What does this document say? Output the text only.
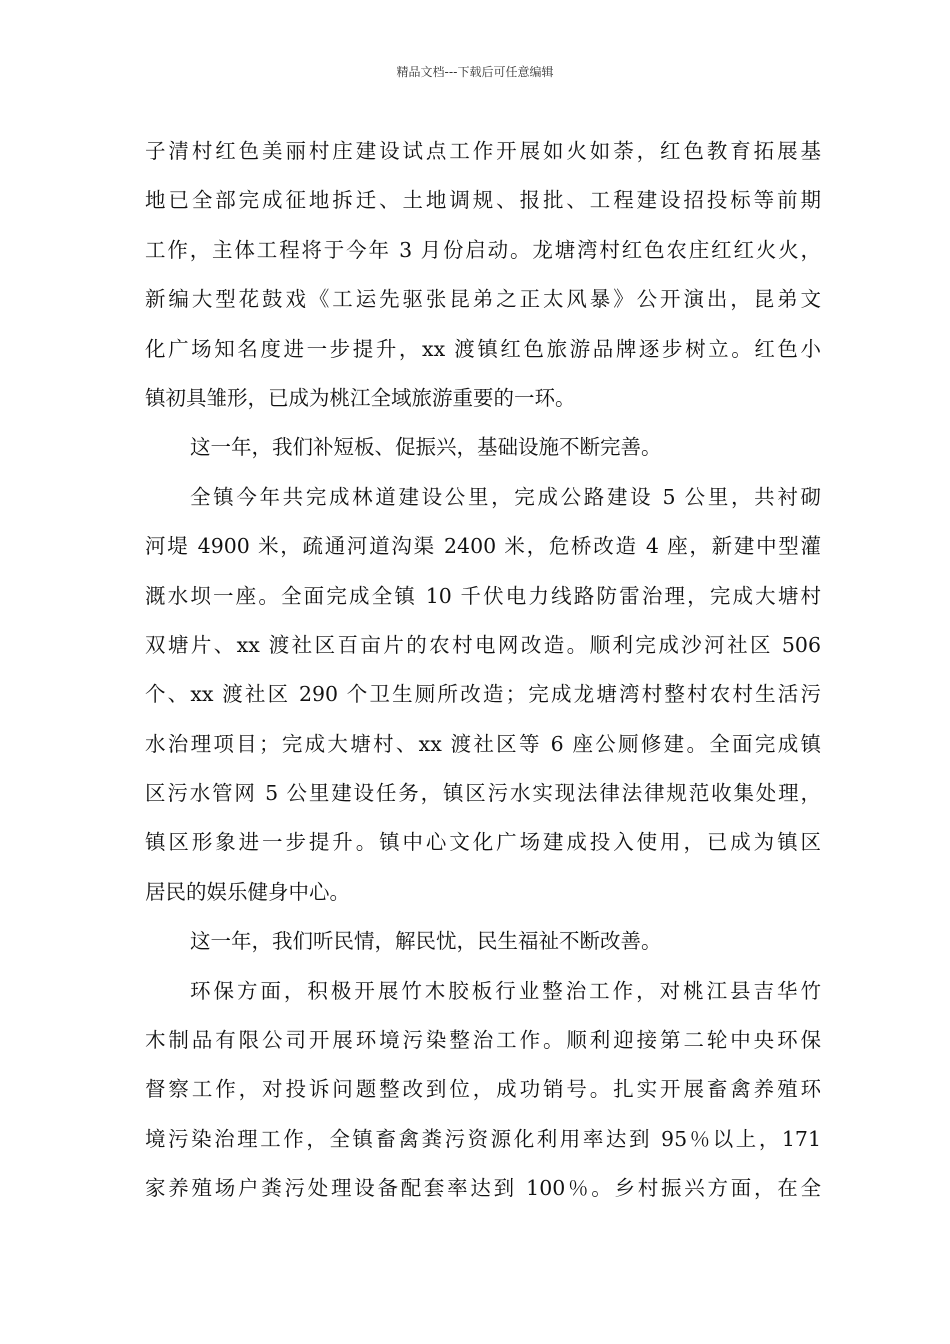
精品文档---下载后可任意编辑
子清村红色美丽村庄建设试点工作开展如火如荼，红色教育拓展基
地已全部完成征地拆迁、土地调规、报批、工程建设招投标等前期
工作，主体工程将于今年 3 月份启动。龙塘湾村红色农庄红红火火，
新编大型花鼓戏《工运先驱张昆弟之正太风暴》公开演出，昆弟文
化广场知名度进一步提升，xx 渡镇红色旅游品牌逐步树立。红色小
镇初具雏形，已成为桃江全域旅游重要的一环。
这一年，我们补短板、促振兴，基础设施不断完善。
全镇今年共完成林道建设公里，完成公路建设 5 公里，共衬砌
河堤 4900 米，疏通河道沟渠 2400 米，危桥改造 4 座，新建中型灌
溉水坝一座。全面完成全镇 10 千伏电力线路防雷治理，完成大塘村
双塘片、xx 渡社区百亩片的农村电网改造。顺利完成沙河社区 506
个、xx 渡社区 290 个卫生厕所改造；完成龙塘湾村整村农村生活污
水治理项目；完成大塘村、xx 渡社区等 6 座公厕修建。全面完成镇
区污水管网 5 公里建设任务，镇区污水实现法律法律规范收集处理，
镇区形象进一步提升。镇中心文化广场建成投入使用，已成为镇区
居民的娱乐健身中心。
这一年，我们听民情，解民忧，民生福祉不断改善。
环保方面，积极开展竹木胶板行业整治工作，对桃江县吉华竹
木制品有限公司开展环境污染整治工作。顺利迎接第二轮中央环保
督察工作，对投诉问题整改到位，成功销号。扎实开展畜禽养殖环
境污染治理工作，全镇畜禽粪污资源化利用率达到 95％以上，171
家养殖场户粪污处理设备配套率达到 100％。乡村振兴方面，在全
